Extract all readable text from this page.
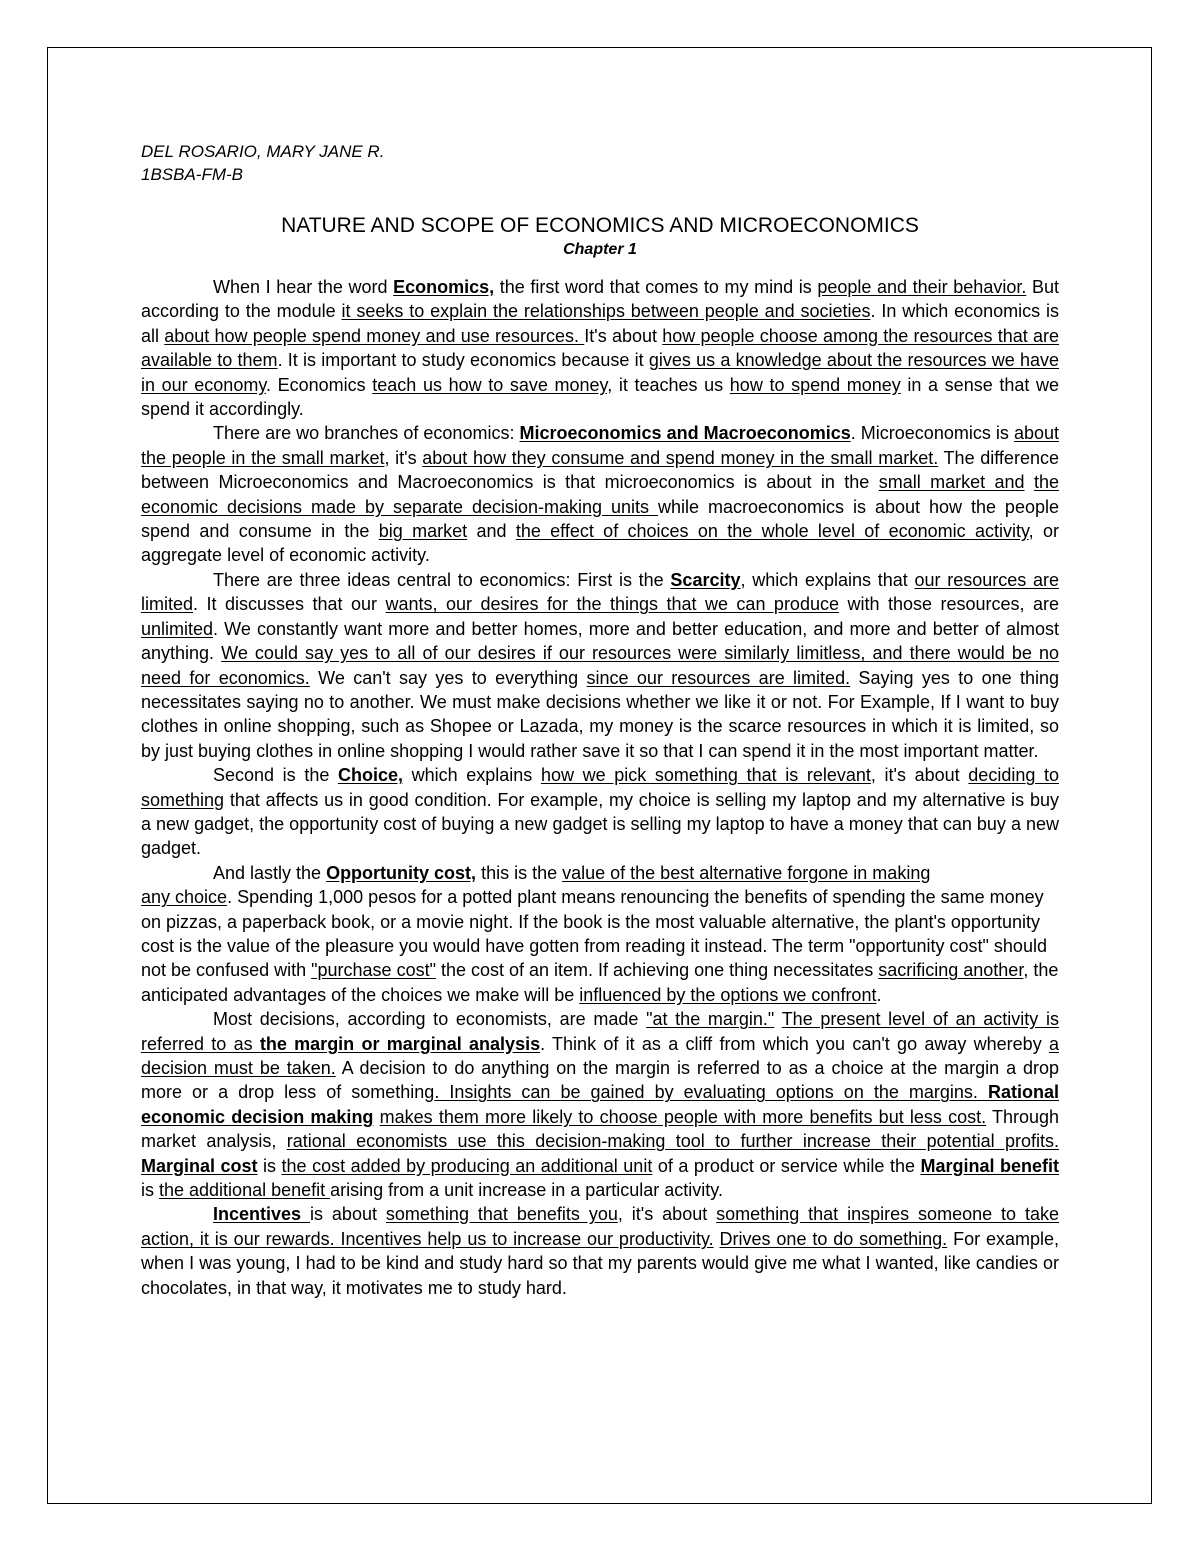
DEL ROSARIO, MARY JANE R.
1BSBA-FM-B
NATURE AND SCOPE OF ECONOMICS AND MICROECONOMICS
Chapter 1

When I hear the word Economics, the first word that comes to my mind is people and their behavior. But according to the module it seeks to explain the relationships between people and societies. In which economics is all about how people spend money and use resources. It's about how people choose among the resources that are available to them. It is important to study economics because it gives us a knowledge about the resources we have in our economy. Economics teach us how to save money, it teaches us how to spend money in a sense that we spend it accordingly.

There are wo branches of economics: Microeconomics and Macroeconomics. Microeconomics is about the people in the small market, it's about how they consume and spend money in the small market. The difference between Microeconomics and Macroeconomics is that microeconomics is about in the small market and the economic decisions made by separate decision-making units while macroeconomics is about how the people spend and consume in the big market and the effect of choices on the whole level of economic activity, or aggregate level of economic activity.

There are three ideas central to economics: First is the Scarcity, which explains that our resources are limited. It discusses that our wants, our desires for the things that we can produce with those resources, are unlimited. We constantly want more and better homes, more and better education, and more and better of almost anything. We could say yes to all of our desires if our resources were similarly limitless, and there would be no need for economics. We can't say yes to everything since our resources are limited. Saying yes to one thing necessitates saying no to another. We must make decisions whether we like it or not. For Example, If I want to buy clothes in online shopping, such as Shopee or Lazada, my money is the scarce resources in which it is limited, so by just buying clothes in online shopping I would rather save it so that I can spend it in the most important matter.

Second is the Choice, which explains how we pick something that is relevant, it's about deciding to something that affects us in good condition. For example, my choice is selling my laptop and my alternative is buy a new gadget, the opportunity cost of buying a new gadget is selling my laptop to have a money that can buy a new gadget.

And lastly the Opportunity cost, this is the value of the best alternative forgone in making
any choice. Spending 1,000 pesos for a potted plant means renouncing the benefits of spending the same money on pizzas, a paperback book, or a movie night. If the book is the most valuable alternative, the plant's opportunity cost is the value of the pleasure you would have gotten from reading it instead. The term "opportunity cost" should not be confused with "purchase cost" the cost of an item. If achieving one thing necessitates sacrificing another, the anticipated advantages of the choices we make will be influenced by the options we confront.

Most decisions, according to economists, are made "at the margin." The present level of an activity is referred to as the margin or marginal analysis. Think of it as a cliff from which you can't go away whereby a decision must be taken. A decision to do anything on the margin is referred to as a choice at the margin a drop more or a drop less of something. Insights can be gained by evaluating options on the margins. Rational economic decision making makes them more likely to choose people with more benefits but less cost. Through market analysis, rational economists use this decision-making tool to further increase their potential profits. Marginal cost is the cost added by producing an additional unit of a product or service while the Marginal benefit is the additional benefit arising from a unit increase in a particular activity.

Incentives is about something that benefits you, it's about something that inspires someone to take action, it is our rewards. Incentives help us to increase our productivity. Drives one to do something. For example, when I was young, I had to be kind and study hard so that my parents would give me what I wanted, like candies or chocolates, in that way, it motivates me to study hard.
